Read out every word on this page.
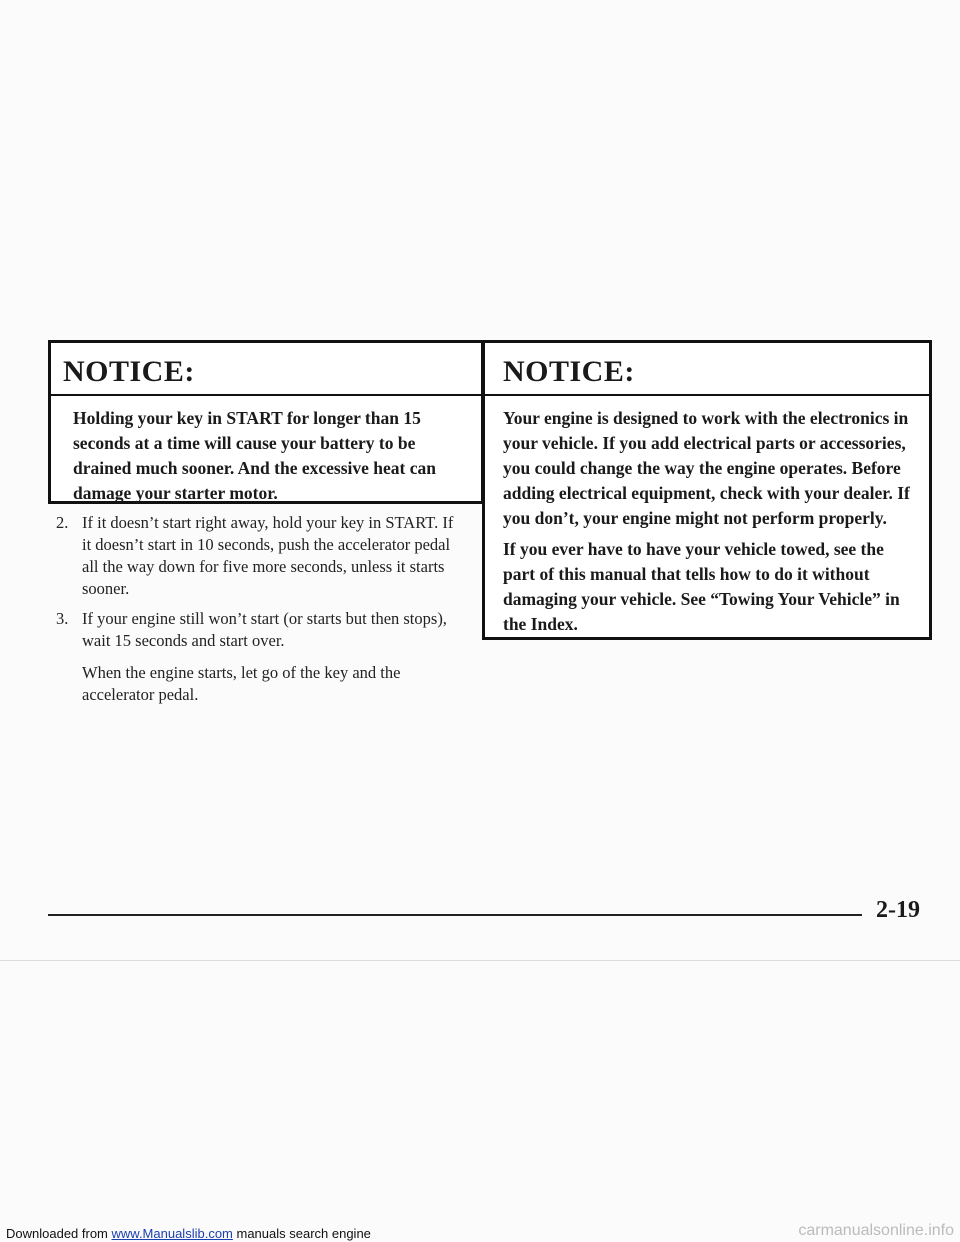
NOTICE:

Holding your key in START for longer than 15 seconds at a time will cause your battery to be drained much sooner. And the excessive heat can damage your starter motor.

NOTICE:

Your engine is designed to work with the electronics in your vehicle. If you add electrical parts or accessories, you could change the way the engine operates. Before adding electrical equipment, check with your dealer. If you don’t, your engine might not perform properly.

If you ever have to have your vehicle towed, see the part of this manual that tells how to do it without damaging your vehicle. See “Towing Your Vehicle” in the Index.

2. If it doesn’t start right away, hold your key in START. If it doesn’t start in 10 seconds, push the accelerator pedal all the way down for five more seconds, unless it starts sooner.
3. If your engine still won’t start (or starts but then stops), wait 15 seconds and start over.
When the engine starts, let go of the key and the accelerator pedal.
2-19
Downloaded from www.Manualslib.com manuals search engine	carmanualsonline.info
